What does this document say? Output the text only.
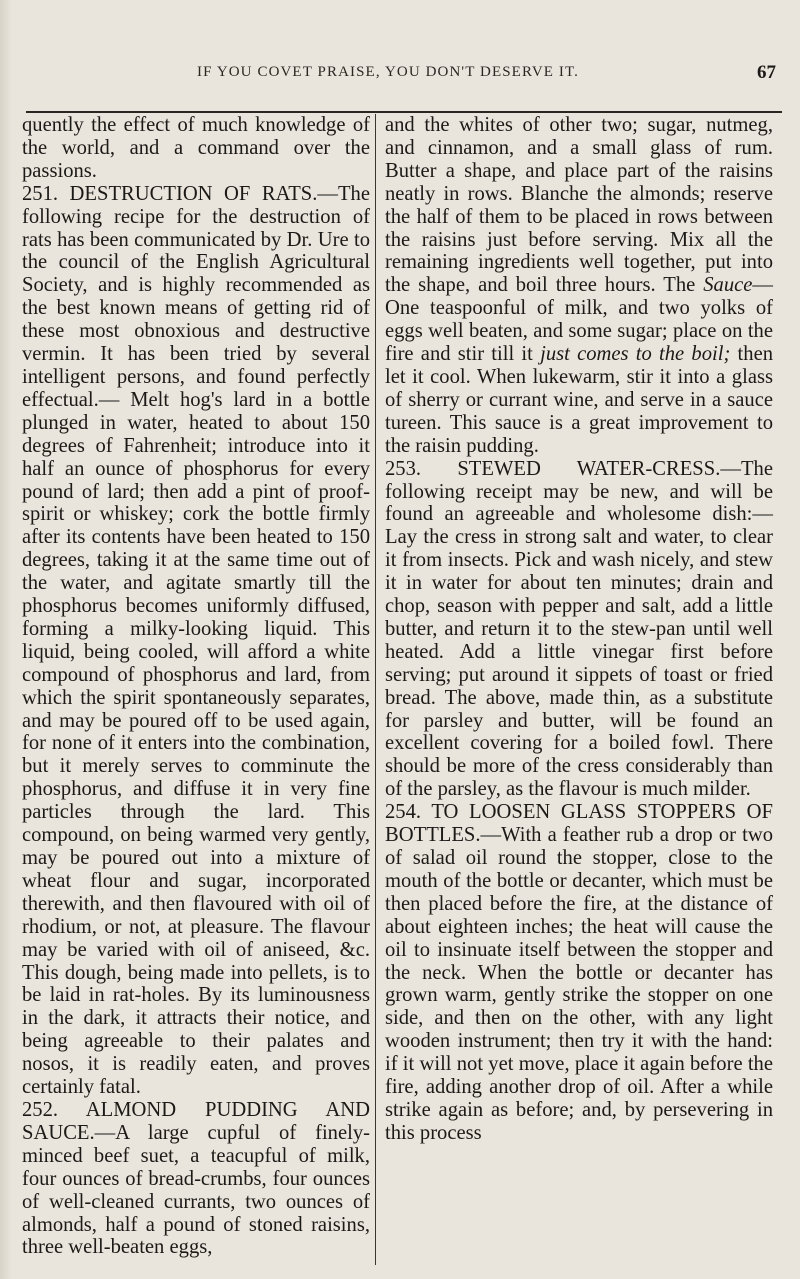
IF YOU COVET PRAISE, YOU DON'T DESERVE IT.	67

quently the effect of much knowledge of the world, and a command over the passions.

251. DESTRUCTION OF RATS.—The following recipe for the destruction of rats has been communicated by Dr. Ure to the council of the English Agricultural Society, and is highly recommended as the best known means of getting rid of these most obnoxious and destructive vermin. It has been tried by several intelligent persons, and found perfectly effectual.— Melt hog's lard in a bottle plunged in water, heated to about 150 degrees of Fahrenheit; introduce into it half an ounce of phosphorus for every pound of lard; then add a pint of proof-spirit or whiskey; cork the bottle firmly after its contents have been heated to 150 degrees, taking it at the same time out of the water, and agitate smartly till the phosphorus becomes uniformly diffused, forming a milky-looking liquid. This liquid, being cooled, will afford a white compound of phosphorus and lard, from which the spirit spontaneously separates, and may be poured off to be used again, for none of it enters into the combination, but it merely serves to comminute the phosphorus, and diffuse it in very fine particles through the lard. This compound, on being warmed very gently, may be poured out into a mixture of wheat flour and sugar, incorporated therewith, and then flavoured with oil of rhodium, or not, at pleasure. The flavour may be varied with oil of aniseed, &c. This dough, being made into pellets, is to be laid in rat-holes. By its luminousness in the dark, it attracts their notice, and being agreeable to their palates and nosos, it is readily eaten, and proves certainly fatal.

252. ALMOND PUDDING AND SAUCE.—A large cupful of finely-minced beef suet, a teacupful of milk, four ounces of bread-crumbs, four ounces of well-cleaned currants, two ounces of almonds, half a pound of stoned raisins, three well-beaten eggs,

and the whites of other two; sugar, nutmeg, and cinnamon, and a small glass of rum. Butter a shape, and place part of the raisins neatly in rows. Blanche the almonds; reserve the half of them to be placed in rows between the raisins just before serving. Mix all the remaining ingredients well together, put into the shape, and boil three hours. The Sauce—One teaspoonful of milk, and two yolks of eggs well beaten, and some sugar; place on the fire and stir till it just comes to the boil; then let it cool. When lukewarm, stir it into a glass of sherry or currant wine, and serve in a sauce tureen. This sauce is a great improvement to the raisin pudding.

253. STEWED WATER-CRESS.—The following receipt may be new, and will be found an agreeable and wholesome dish:—Lay the cress in strong salt and water, to clear it from insects. Pick and wash nicely, and stew it in water for about ten minutes; drain and chop, season with pepper and salt, add a little butter, and return it to the stew-pan until well heated. Add a little vinegar first before serving; put around it sippets of toast or fried bread. The above, made thin, as a substitute for parsley and butter, will be found an excellent covering for a boiled fowl. There should be more of the cress considerably than of the parsley, as the flavour is much milder.

254. TO LOOSEN GLASS STOPPERS OF BOTTLES.—With a feather rub a drop or two of salad oil round the stopper, close to the mouth of the bottle or decanter, which must be then placed before the fire, at the distance of about eighteen inches; the heat will cause the oil to insinuate itself between the stopper and the neck. When the bottle or decanter has grown warm, gently strike the stopper on one side, and then on the other, with any light wooden instrument; then try it with the hand: if it will not yet move, place it again before the fire, adding another drop of oil. After a while strike again as before; and, by persevering in this process
